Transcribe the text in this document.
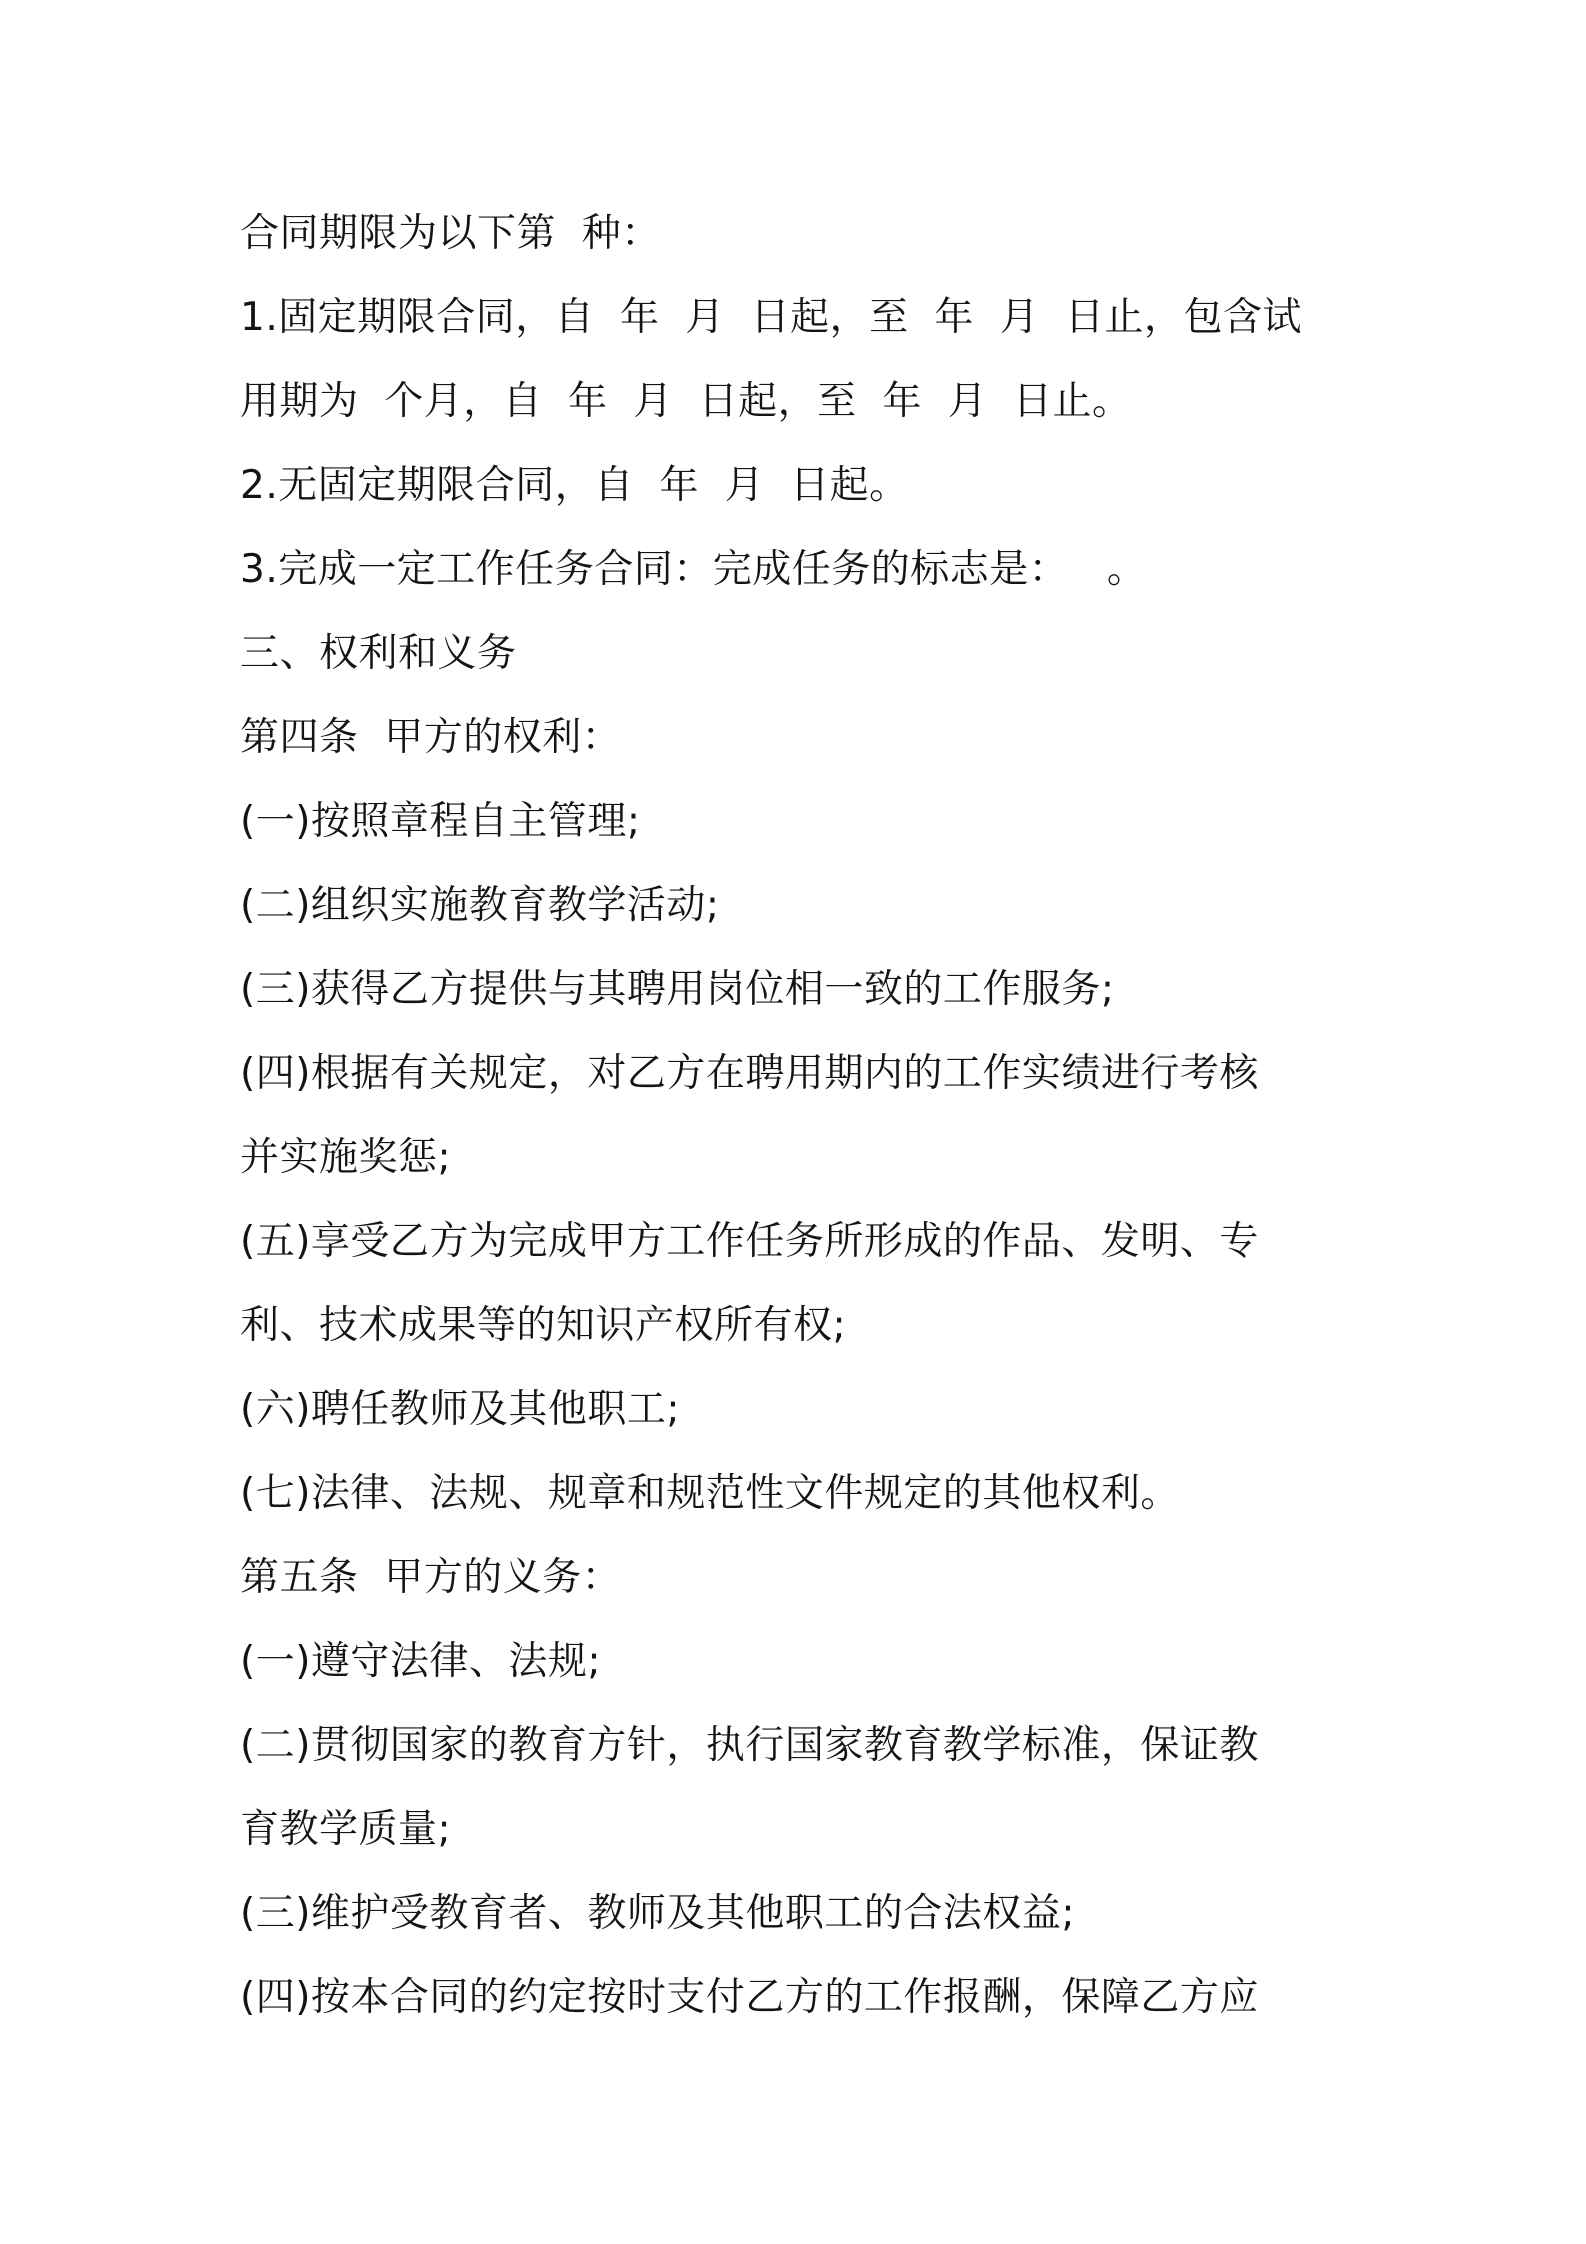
合同期限为以下第  种：
1.固定期限合同，自  年  月  日起，至  年  月  日止，包含试
用期为  个月，自  年  月  日起，至  年  月  日止。
2.无固定期限合同，自  年  月  日起。
3.完成一定工作任务合同：完成任务的标志是：   。
三、权利和义务
第四条  甲方的权利：
(一)按照章程自主管理;
(二)组织实施教育教学活动;
(三)获得乙方提供与其聘用岗位相一致的工作服务;
(四)根据有关规定，对乙方在聘用期内的工作实绩进行考核
并实施奖惩;
(五)享受乙方为完成甲方工作任务所形成的作品、发明、专
利、技术成果等的知识产权所有权;
(六)聘任教师及其他职工;
(七)法律、法规、规章和规范性文件规定的其他权利。
第五条  甲方的义务：
(一)遵守法律、法规;
(二)贯彻国家的教育方针，执行国家教育教学标准，保证教
育教学质量;
(三)维护受教育者、教师及其他职工的合法权益;
(四)按本合同的约定按时支付乙方的工作报酬，保障乙方应
